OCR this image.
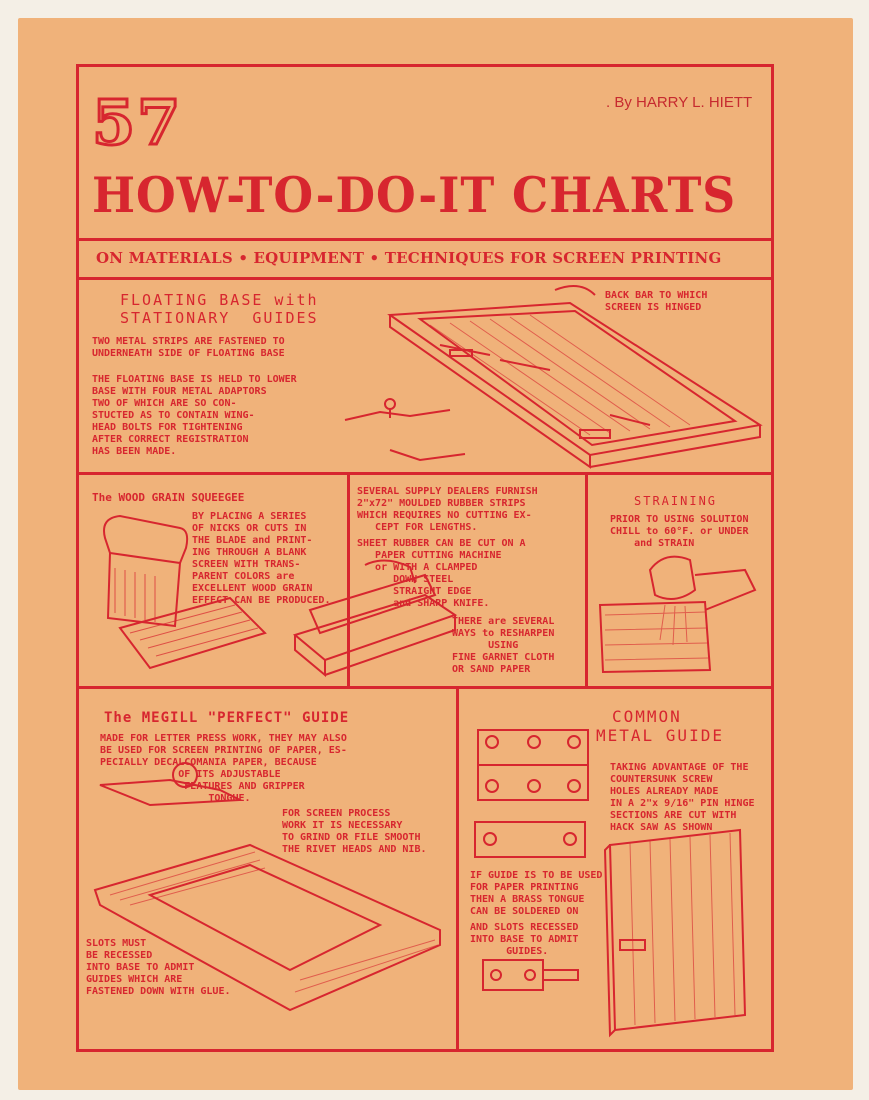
57	. By HARRY L. HIETT
HOW-TO-DO-IT CHARTS
ON MATERIALS • EQUIPMENT • TECHNIQUES FOR SCREEN PRINTING
FLOATING BASE with
STATIONARY  GUIDES
TWO METAL STRIPS ARE FASTENED TO
UNDERNEATH SIDE OF FLOATING BASE
THE FLOATING BASE IS HELD TO LOWER
BASE WITH FOUR METAL ADAPTORS
TWO OF WHICH ARE SO CON-
STUCTED AS TO CONTAIN WING-
HEAD BOLTS FOR TIGHTENING
AFTER CORRECT REGISTRATION
HAS BEEN MADE.
BACK BAR TO WHICH
SCREEN IS HINGED
The WOOD GRAIN SQUEEGEE
BY PLACING A SERIES
OF NICKS OR CUTS IN
THE BLADE and PRINT-
ING THROUGH A BLANK
SCREEN WITH TRANS-
PARENT COLORS are
EXCELLENT WOOD GRAIN
EFFECT CAN BE PRODUCED.
SEVERAL SUPPLY DEALERS FURNISH
2"x72" MOULDED RUBBER STRIPS
WHICH REQUIRES NO CUTTING EX-
CEPT FOR LENGTHS.
SHEET RUBBER CAN BE CUT ON A
PAPER CUTTING MACHINE
or WITH A CLAMPED
DOWN STEEL
STRAIGHT EDGE
and SHARP KNIFE.
THERE are SEVERAL
WAYS to RESHARPEN
USING
FINE GARNET CLOTH
OR SAND PAPER
STRAINING
PRIOR TO USING SOLUTION
CHILL to 60°F. or UNDER
and STRAIN
The MEGILL "PERFECT" GUIDE
MADE FOR LETTER PRESS WORK, THEY MAY ALSO
BE USED FOR SCREEN PRINTING OF PAPER, ES-
PECIALLY DECALCOMANIA PAPER, BECAUSE
OF ITS ADJUSTABLE
FEATURES AND GRIPPER
TONGUE.
FOR SCREEN PROCESS
WORK IT IS NECESSARY
TO GRIND OR FILE SMOOTH
THE RIVET HEADS AND NIB.
SLOTS MUST
BE RECESSED
INTO BASE TO ADMIT
GUIDES WHICH ARE
FASTENED DOWN WITH GLUE.
COMMON
METAL GUIDE
TAKING ADVANTAGE OF THE
COUNTERSUNK SCREW
HOLES ALREADY MADE
IN A 2"x 9/16" PIN HINGE
SECTIONS ARE CUT WITH
HACK SAW AS SHOWN
IF GUIDE IS TO BE USED
FOR PAPER PRINTING
THEN A BRASS TONGUE
CAN BE SOLDERED ON
AND SLOTS RECESSED
INTO BASE TO ADMIT
GUIDES.
